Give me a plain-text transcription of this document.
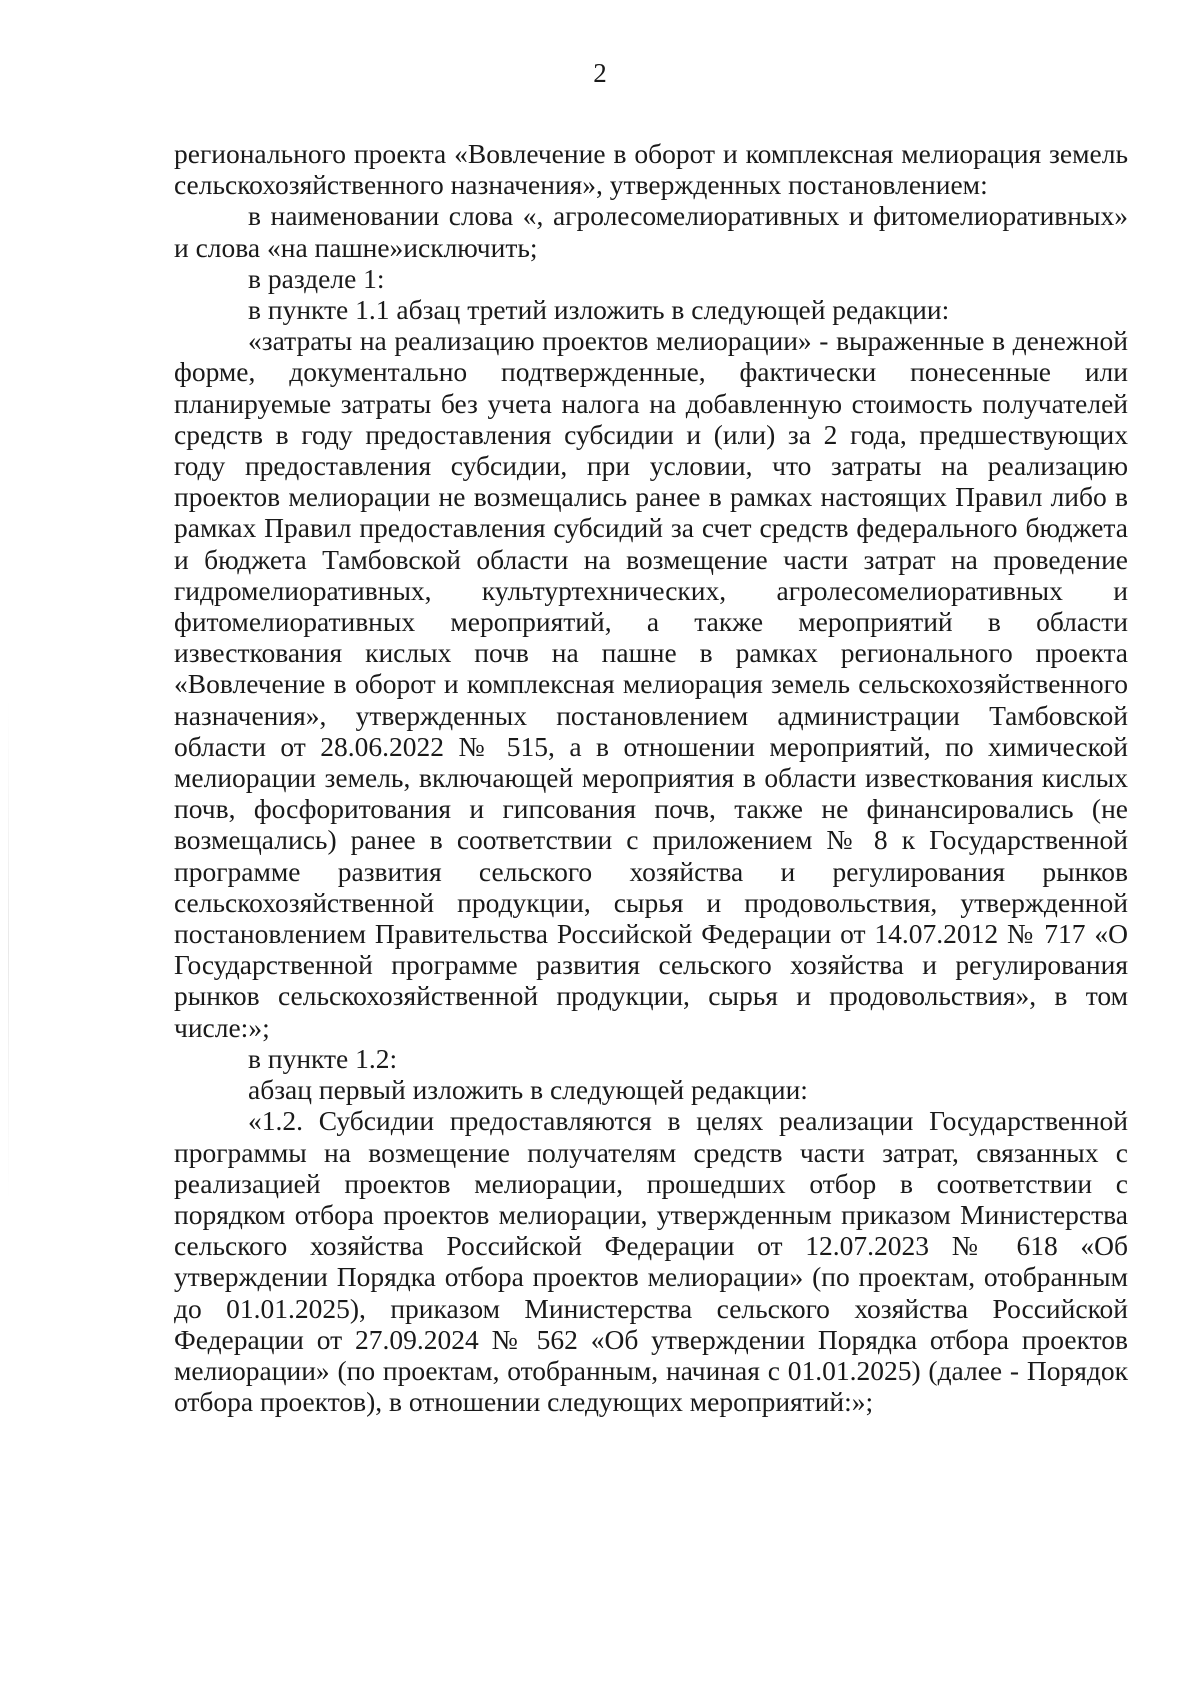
2

регионального проекта «Вовлечение в оборот и комплексная мелиорация земель сельскохозяйственного назначения», утвержденных постановлением:

в наименовании слова «, агролесомелиоративных и фитомелиоративных» и слова «на пашне»исключить;

в разделе 1:

в пункте 1.1 абзац третий изложить в следующей редакции:

«затраты на реализацию проектов мелиорации» - выраженные в денежной форме, документально подтвержденные, фактически понесенные или планируемые затраты без учета налога на добавленную стоимость получателей средств в году предоставления субсидии и (или) за 2 года, предшествующих году предоставления субсидии, при условии, что затраты на реализацию проектов мелиорации не возмещались ранее в рамках настоящих Правил либо в рамках Правил предоставления субсидий за счет средств федерального бюджета и бюджета Тамбовской области на возмещение части затрат на проведение гидромелиоративных, культуртехнических, агролесомелиоративных и фитомелиоративных мероприятий, а также мероприятий в области известкования кислых почв на пашне в рамках регионального проекта «Вовлечение в оборот и комплексная мелиорация земель сельскохозяйственного назначения», утвержденных постановлением администрации Тамбовской области от 28.06.2022 № 515, а в отношении мероприятий, по химической мелиорации земель, включающей мероприятия в области известкования кислых почв, фосфоритования и гипсования почв, также не финансировались (не возмещались) ранее в соответствии с приложением № 8 к Государственной программе развития сельского хозяйства и регулирования рынков сельскохозяйственной продукции, сырья и продовольствия, утвержденной постановлением Правительства Российской Федерации от 14.07.2012 № 717 «О Государственной программе развития сельского хозяйства и регулирования рынков сельскохозяйственной продукции, сырья и продовольствия», в том числе:»;

в пункте 1.2:

абзац первый изложить в следующей редакции:

«1.2. Субсидии предоставляются в целях реализации Государственной программы на возмещение получателям средств части затрат, связанных с реализацией проектов мелиорации, прошедших отбор в соответствии с порядком отбора проектов мелиорации, утвержденным приказом Министерства сельского хозяйства Российской Федерации от 12.07.2023 № 618 «Об утверждении Порядка отбора проектов мелиорации» (по проектам, отобранным до 01.01.2025), приказом Министерства сельского хозяйства Российской Федерации от 27.09.2024 № 562 «Об утверждении Порядка отбора проектов мелиорации» (по проектам, отобранным, начиная с 01.01.2025) (далее - Порядок отбора проектов), в отношении следующих мероприятий:»;
